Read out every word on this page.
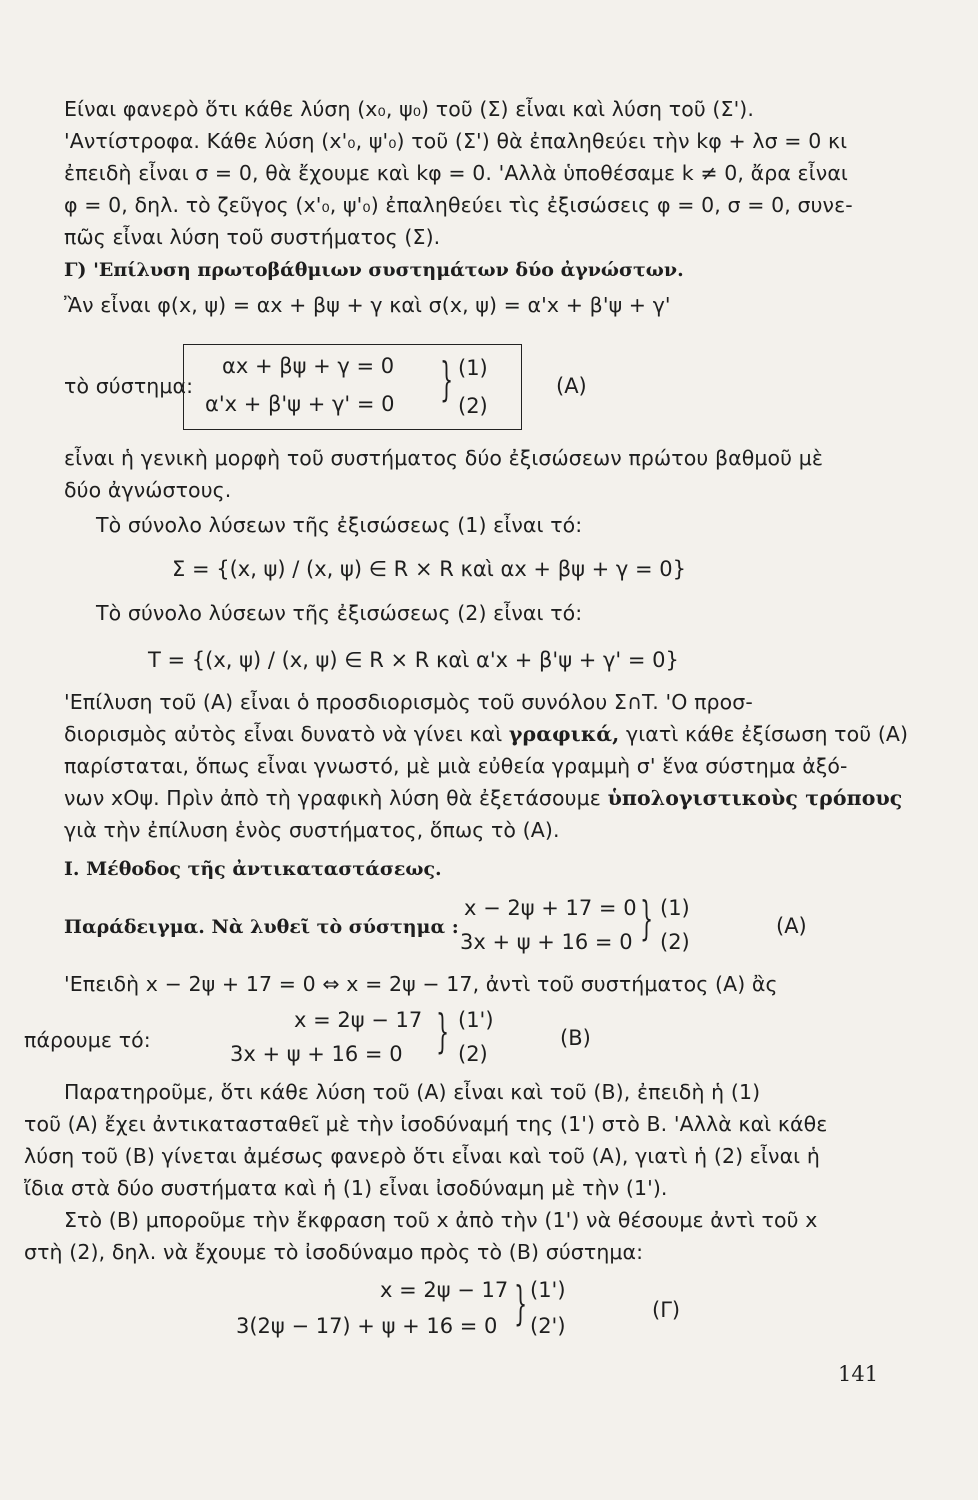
Είναι φανερὸ ὅτι κάθε λύση (x₀, ψ₀) τοῦ (Σ) εἶναι καὶ λύση τοῦ (Σ').
'Αντίστροφα. Κάθε λύση (x'₀, ψ'₀) τοῦ (Σ') θὰ ἐπαληθεύει τὴν kφ + λσ = 0 κι
ἐπειδὴ εἶναι σ = 0, θὰ ἔχουμε καὶ kφ = 0. 'Αλλὰ ὑποθέσαμε k ≠ 0, ἄρα εἶναι
φ = 0, δηλ. τὸ ζεῦγος (x'₀, ψ'₀) ἐπαληθεύει τὶς ἐξισώσεις φ = 0, σ = 0, συνε-
πῶς εἶναι λύση τοῦ συστήματος (Σ).
Γ) 'Επίλυση πρωτοβάθμιων συστημάτων δύο ἀγνώστων.
Ἂν εἶναι φ(x, ψ) = αx + βψ + γ καὶ σ(x, ψ) = α'x + β'ψ + γ'
τὸ σύστημα:
αx + βψ + γ = 0
α'x + β'ψ + γ' = 0 } (1)
(2)
(A)
εἶναι ἡ γενικὴ μορφὴ τοῦ συστήματος δύο ἐξισώσεων πρώτου βαθμοῦ μὲ
δύο ἀγνώστους.
Τὸ σύνολο λύσεων τῆς ἐξισώσεως (1) εἶναι τό:
Σ = {(x, ψ) / (x, ψ) ∈ R × R καὶ αx + βψ + γ = 0}
Τὸ σύνολο λύσεων τῆς ἐξισώσεως (2) εἶναι τό:
T = {(x, ψ) / (x, ψ) ∈ R × R καὶ α'x + β'ψ + γ' = 0}
'Επίλυση τοῦ (A) εἶναι ὁ προσδιορισμὸς τοῦ συνόλου Σ∩T. 'Ο προσ-
διορισμὸς αὐτὸς εἶναι δυνατὸ νὰ γίνει καὶ γραφικά, γιατὶ κάθε ἐξίσωση τοῦ (A)
παρίσταται, ὅπως εἶναι γνωστό, μὲ μιὰ εὐθεία γραμμὴ σ' ἕνα σύστημα ἀξό-
νων xOψ. Πρὶν ἀπὸ τὴ γραφικὴ λύση θὰ ἐξετάσουμε ὑπολογιστικοὺς τρόπους
γιὰ τὴν ἐπίλυση ἑνὸς συστήματος, ὅπως τὸ (A).
I. Μέθοδος τῆς ἀντικαταστάσεως.
Παράδειγμα. Νὰ λυθεῖ τὸ σύστημα :
x − 2ψ + 17 = 0
3x + ψ + 16 = 0 } (1)
(2)
(A)
'Επειδὴ x − 2ψ + 17 = 0 ⇔ x = 2ψ − 17, ἀντὶ τοῦ συστήματος (A) ἂς
πάρουμε τό:
x = 2ψ − 17
3x + ψ + 16 = 0 } (1')
(2)
(B)
Παρατηροῦμε, ὅτι κάθε λύση τοῦ (A) εἶναι καὶ τοῦ (B), ἐπειδὴ ἡ (1)
τοῦ (A) ἔχει ἀντικατασταθεῖ μὲ τὴν ἰσοδύναμή της (1') στὸ B. 'Αλλὰ καὶ κάθε
λύση τοῦ (B) γίνεται ἀμέσως φανερὸ ὅτι εἶναι καὶ τοῦ (A), γιατὶ ἡ (2) εἶναι ἡ
ἴδια στὰ δύο συστήματα καὶ ἡ (1) εἶναι ἰσοδύναμη μὲ τὴν (1').
Στὸ (B) μποροῦμε τὴν ἔκφραση τοῦ x ἀπὸ τὴν (1') νὰ θέσουμε ἀντὶ τοῦ x
στὴ (2), δηλ. νὰ ἔχουμε τὸ ἰσοδύναμο πρὸς τὸ (B) σύστημα:
x = 2ψ − 17
3(2ψ − 17) + ψ + 16 = 0 } (1')
(2')
(Γ)
141
